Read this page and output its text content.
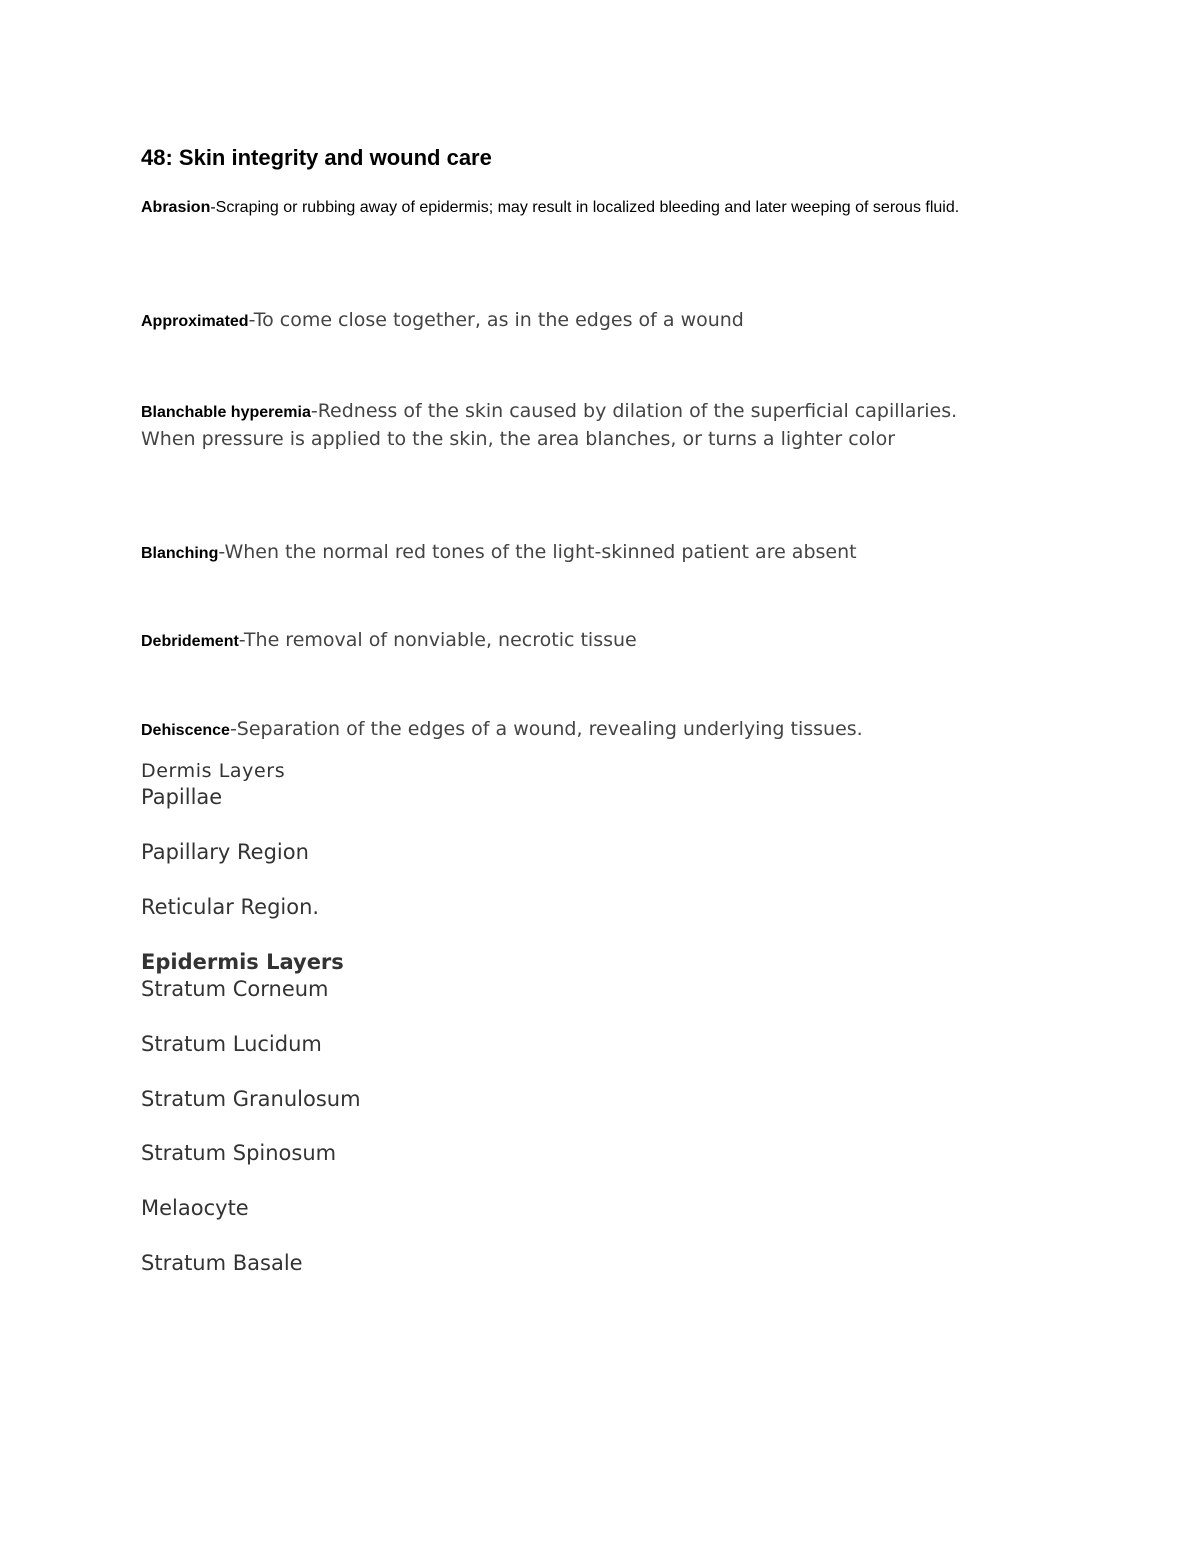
48: Skin integrity and wound care
Abrasion-Scraping or rubbing away of epidermis; may result in localized bleeding and later weeping of serous fluid.
Approximated-To come close together, as in the edges of a wound
Blanchable hyperemia-Redness of the skin caused by dilation of the superficial capillaries. When pressure is applied to the skin, the area blanches, or turns a lighter color
Blanching-When the normal red tones of the light-skinned patient are absent
Debridement-The removal of nonviable, necrotic tissue
Dehiscence-Separation of the edges of a wound, revealing underlying tissues.
Dermis Layers
Papillae
Papillary Region
Reticular Region.
Epidermis Layers
Stratum Corneum
Stratum Lucidum
Stratum Granulosum
Stratum Spinosum
Melaocyte
Stratum Basale
